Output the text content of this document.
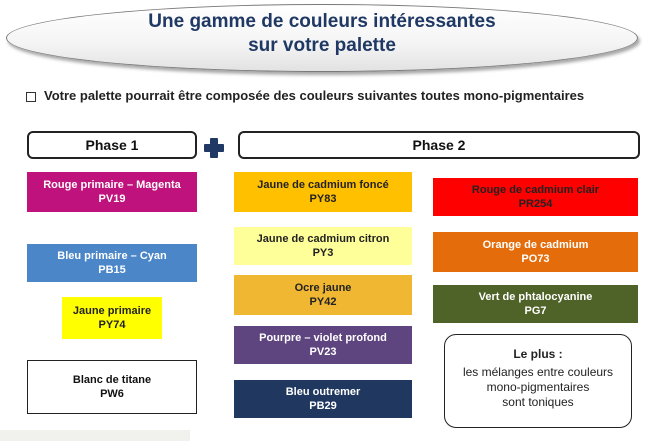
Une gamme de couleurs intéressantes
sur votre palette
Votre palette pourrait être composée des couleurs suivantes toutes mono-pigmentaires
Phase 1	Phase 2
Rouge primaire – Magenta
PV19
Bleu primaire – Cyan
PB15
Jaune primaire
PY74
Blanc de titane
PW6
Jaune de cadmium foncé
PY83
Jaune de cadmium citron
PY3
Ocre jaune
PY42
Pourpre – violet profond
PV23
Bleu outremer
PB29
Rouge de cadmium clair
PR254
Orange de cadmium
PO73
Vert de phtalocyanine
PG7
Le plus :
les mélanges entre couleurs
mono-pigmentaires
sont toniques
